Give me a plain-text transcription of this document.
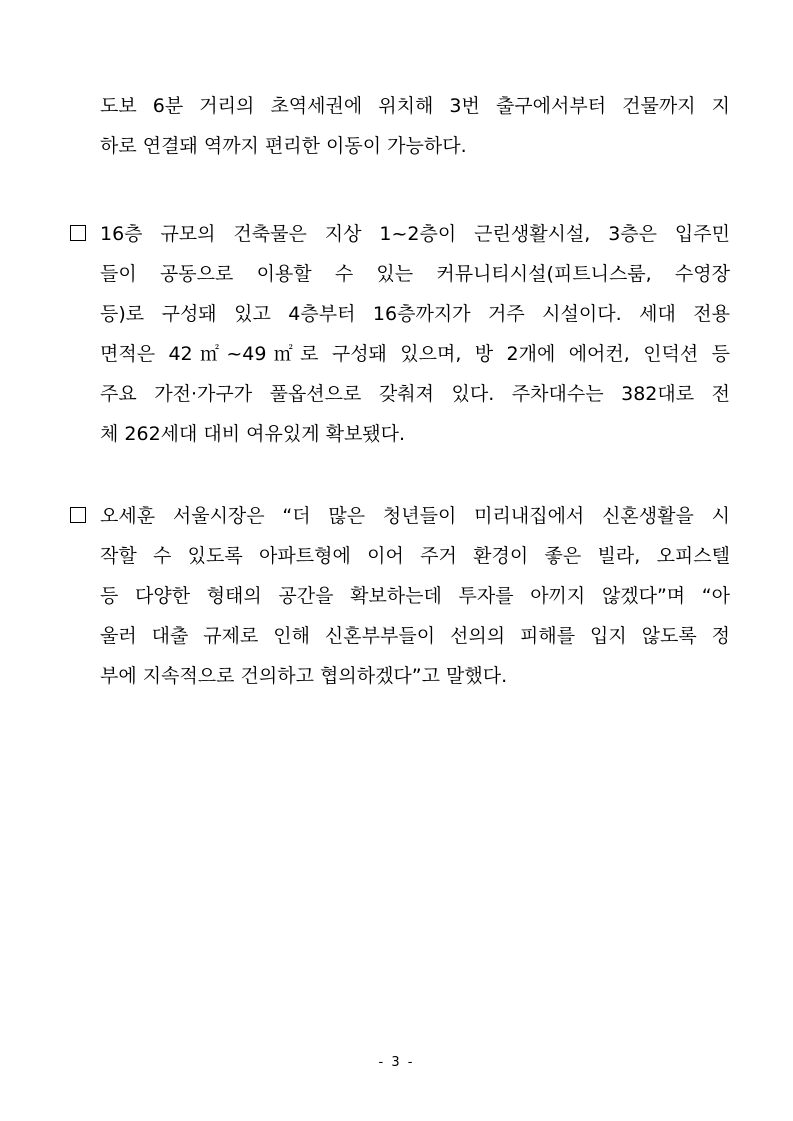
도보 6분 거리의 초역세권에 위치해 3번 출구에서부터 건물까지 지
하로 연결돼 역까지 편리한 이동이 가능하다.
16층 규모의 건축물은 지상 1~2층이 근린생활시설, 3층은 입주민
들이 공동으로 이용할 수 있는 커뮤니티시설(피트니스룸, 수영장
등)로 구성돼 있고 4층부터 16층까지가 거주 시설이다. 세대 전용
면적은 42㎡~49㎡로 구성돼 있으며, 방 2개에 에어컨, 인덕션 등
주요 가전·가구가 풀옵션으로 갖춰져 있다. 주차대수는 382대로 전
체 262세대 대비 여유있게 확보됐다.
오세훈 서울시장은 “더 많은 청년들이 미리내집에서 신혼생활을 시
작할 수 있도록 아파트형에 이어 주거 환경이 좋은 빌라, 오피스텔
등 다양한 형태의 공간을 확보하는데 투자를 아끼지 않겠다”며 “아
울러 대출 규제로 인해 신혼부부들이 선의의 피해를 입지 않도록 정
부에 지속적으로 건의하고 협의하겠다”고 말했다.
- 3 -
